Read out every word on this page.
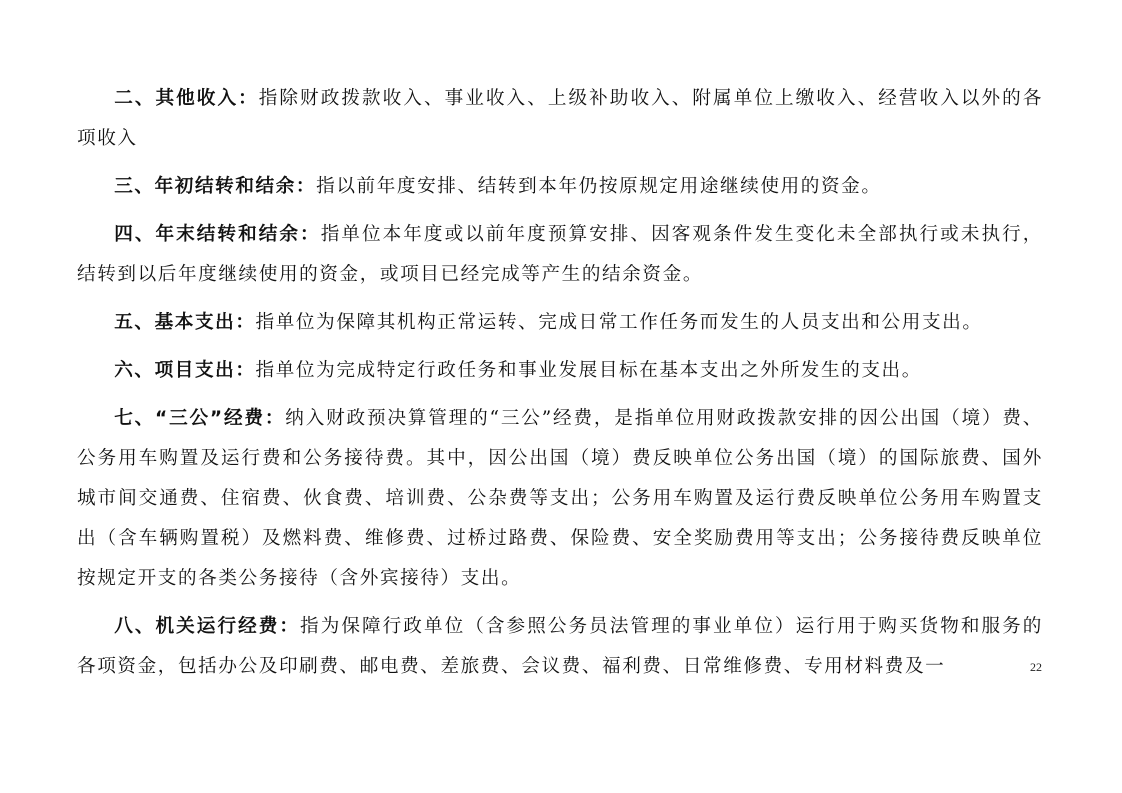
二、其他收入：指除财政拨款收入、事业收入、上级补助收入、附属单位上缴收入、经营收入以外的各项收入

三、年初结转和结余：指以前年度安排、结转到本年仍按原规定用途继续使用的资金。

四、年末结转和结余：指单位本年度或以前年度预算安排、因客观条件发生变化未全部执行或未执行，结转到以后年度继续使用的资金，或项目已经完成等产生的结余资金。

五、基本支出：指单位为保障其机构正常运转、完成日常工作任务而发生的人员支出和公用支出。

六、项目支出：指单位为完成特定行政任务和事业发展目标在基本支出之外所发生的支出。

七、“三公”经费：纳入财政预决算管理的“三公”经费，是指单位用财政拨款安排的因公出国（境）费、公务用车购置及运行费和公务接待费。其中，因公出国（境）费反映单位公务出国（境）的国际旅费、国外城市间交通费、住宿费、伙食费、培训费、公杂费等支出；公务用车购置及运行费反映单位公务用车购置支出（含车辆购置税）及燃料费、维修费、过桥过路费、保险费、安全奖励费用等支出；公务接待费反映单位按规定开支的各类公务接待（含外宾接待）支出。

八、机关运行经费：指为保障行政单位（含参照公务员法管理的事业单位）运行用于购买货物和服务的各项资金，包括办公及印刷费、邮电费、差旅费、会议费、福利费、日常维修费、专用材料费及一	22
